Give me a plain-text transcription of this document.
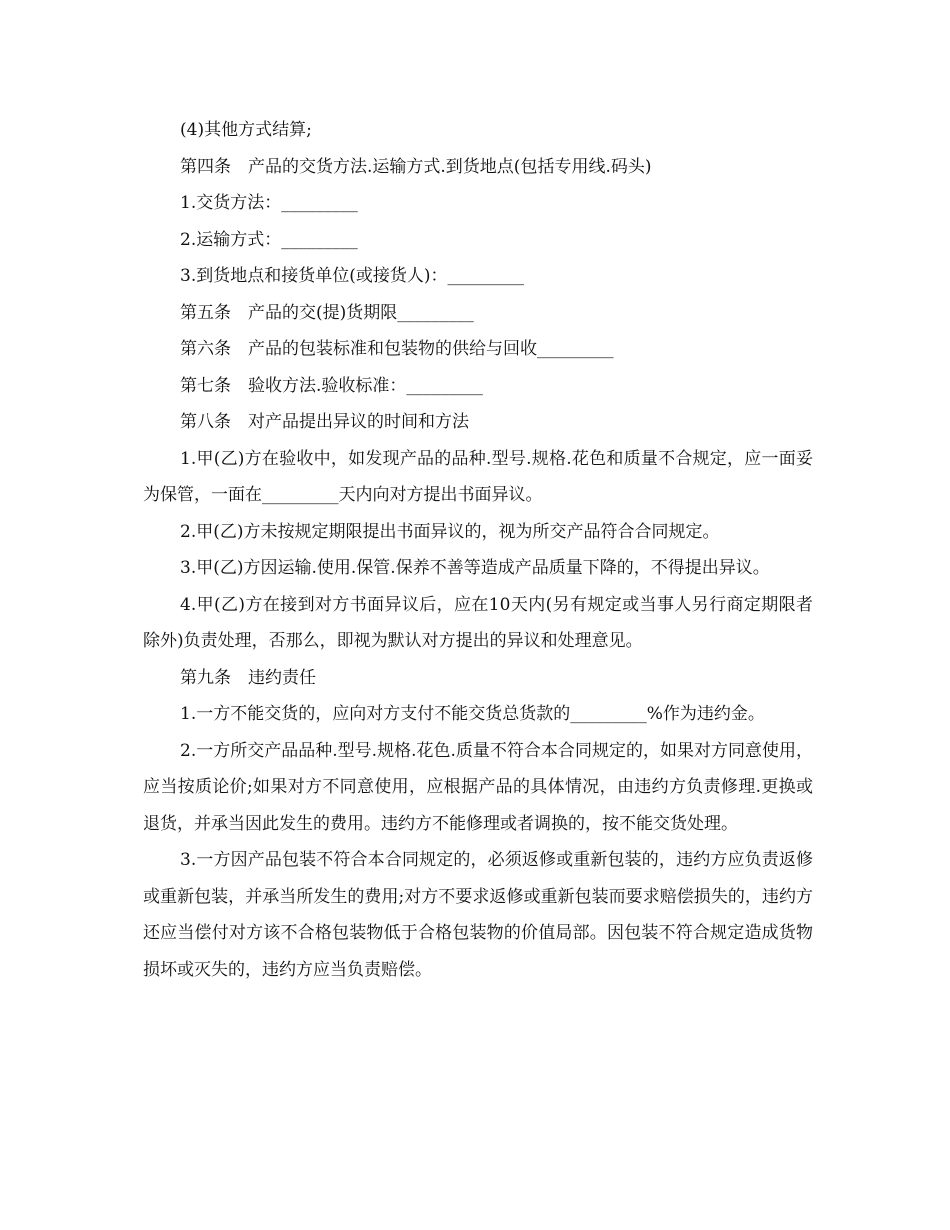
(4)其他方式结算;

第四条　产品的交货方法.运输方式.到货地点(包括专用线.码头)

1.交货方法：_________

2.运输方式：_________

3.到货地点和接货单位(或接货人)：_________

第五条　产品的交(提)货期限_________

第六条　产品的包装标准和包装物的供给与回收_________

第七条　验收方法.验收标准：_________

第八条　对产品提出异议的时间和方法

1.甲(乙)方在验收中，如发现产品的品种.型号.规格.花色和质量不合规定，应一面妥为保管，一面在_________天内向对方提出书面异议。

2.甲(乙)方未按规定期限提出书面异议的，视为所交产品符合合同规定。

3.甲(乙)方因运输.使用.保管.保养不善等造成产品质量下降的，不得提出异议。

4.甲(乙)方在接到对方书面异议后，应在10天内(另有规定或当事人另行商定期限者除外)负责处理，否那么，即视为默认对方提出的异议和处理意见。

第九条　违约责任

1.一方不能交货的，应向对方支付不能交货总货款的_________%作为违约金。

2.一方所交产品品种.型号.规格.花色.质量不符合本合同规定的，如果对方同意使用，应当按质论价;如果对方不同意使用，应根据产品的具体情况，由违约方负责修理.更换或退货，并承当因此发生的费用。违约方不能修理或者调换的，按不能交货处理。

3.一方因产品包装不符合本合同规定的，必须返修或重新包装的，违约方应负责返修或重新包装，并承当所发生的费用;对方不要求返修或重新包装而要求赔偿损失的，违约方还应当偿付对方该不合格包装物低于合格包装物的价值局部。因包装不符合规定造成货物损坏或灭失的，违约方应当负责赔偿。
